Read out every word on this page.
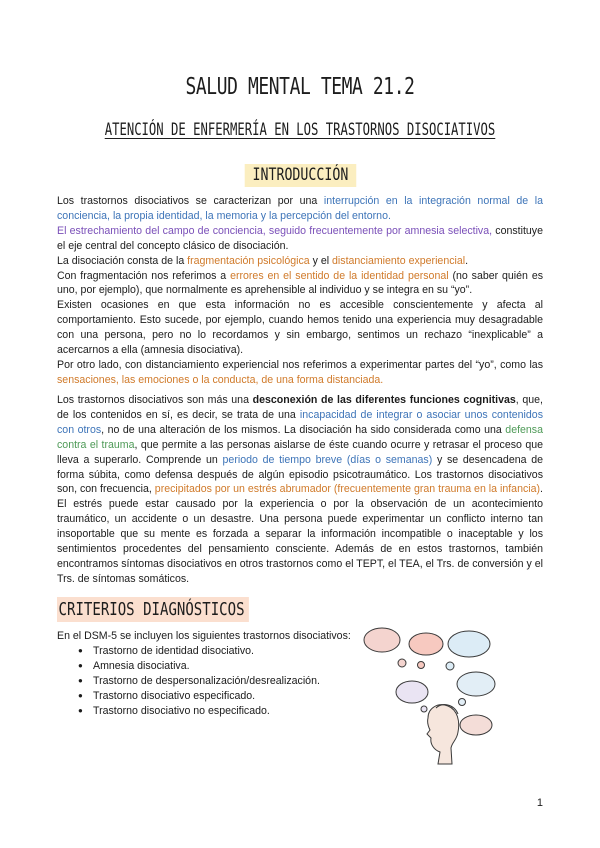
SALUD MENTAL TEMA 21.2
ATENCIÓN DE ENFERMERÍA EN LOS TRASTORNOS DISOCIATIVOS
INTRODUCCIÓN

Los trastornos disociativos se caracterizan por una interrupción en la integración normal de la conciencia, la propia identidad, la memoria y la percepción del entorno.

El estrechamiento del campo de conciencia, seguido frecuentemente por amnesia selectiva, constituye el eje central del concepto clásico de disociación.

La disociación consta de la fragmentación psicológica y el distanciamiento experiencial.

Con fragmentación nos referimos a errores en el sentido de la identidad personal (no saber quién es uno, por ejemplo), que normalmente es aprehensible al individuo y se integra en su “yo”.

Existen ocasiones en que esta información no es accesible conscientemente y afecta al comportamiento. Esto sucede, por ejemplo, cuando hemos tenido una experiencia muy desagradable con una persona, pero no lo recordamos y sin embargo, sentimos un rechazo “inexplicable” a acercarnos a ella (amnesia disociativa).

Por otro lado, con distanciamiento experiencial nos referimos a experimentar partes del “yo”, como las sensaciones, las emociones o la conducta, de una forma distanciada.

Los trastornos disociativos son más una desconexión de las diferentes funciones cognitivas, que, de los contenidos en sí, es decir, se trata de una incapacidad de integrar o asociar unos contenidos con otros, no de una alteración de los mismos. La disociación ha sido considerada como una defensa contra el trauma, que permite a las personas aislarse de éste cuando ocurre y retrasar el proceso que lleva a superarlo. Comprende un periodo de tiempo breve (días o semanas) y se desencadena de forma súbita, como defensa después de algún episodio psicotraumático. Los trastornos disociativos son, con frecuencia, precipitados por un estrés abrumador (frecuentemente gran trauma en la infancia). El estrés puede estar causado por la experiencia o por la observación de un acontecimiento traumático, un accidente o un desastre. Una persona puede experimentar un conflicto interno tan insoportable que su mente es forzada a separar la información incompatible o inaceptable y los sentimientos procedentes del pensamiento consciente. Además de en estos trastornos, también encontramos síntomas disociativos en otros trastornos como el TEPT, el TEA, el Trs. de conversión y el Trs. de síntomas somáticos.

CRITERIOS DIAGNÓSTICOS
En el DSM-5 se incluyen los siguientes trastornos disociativos:
● Trastorno de identidad disociativo.
● Amnesia disociativa.
● Trastorno de despersonalización/desrealización.
● Trastorno disociativo especificado.
● Trastorno disociativo no especificado.
1
